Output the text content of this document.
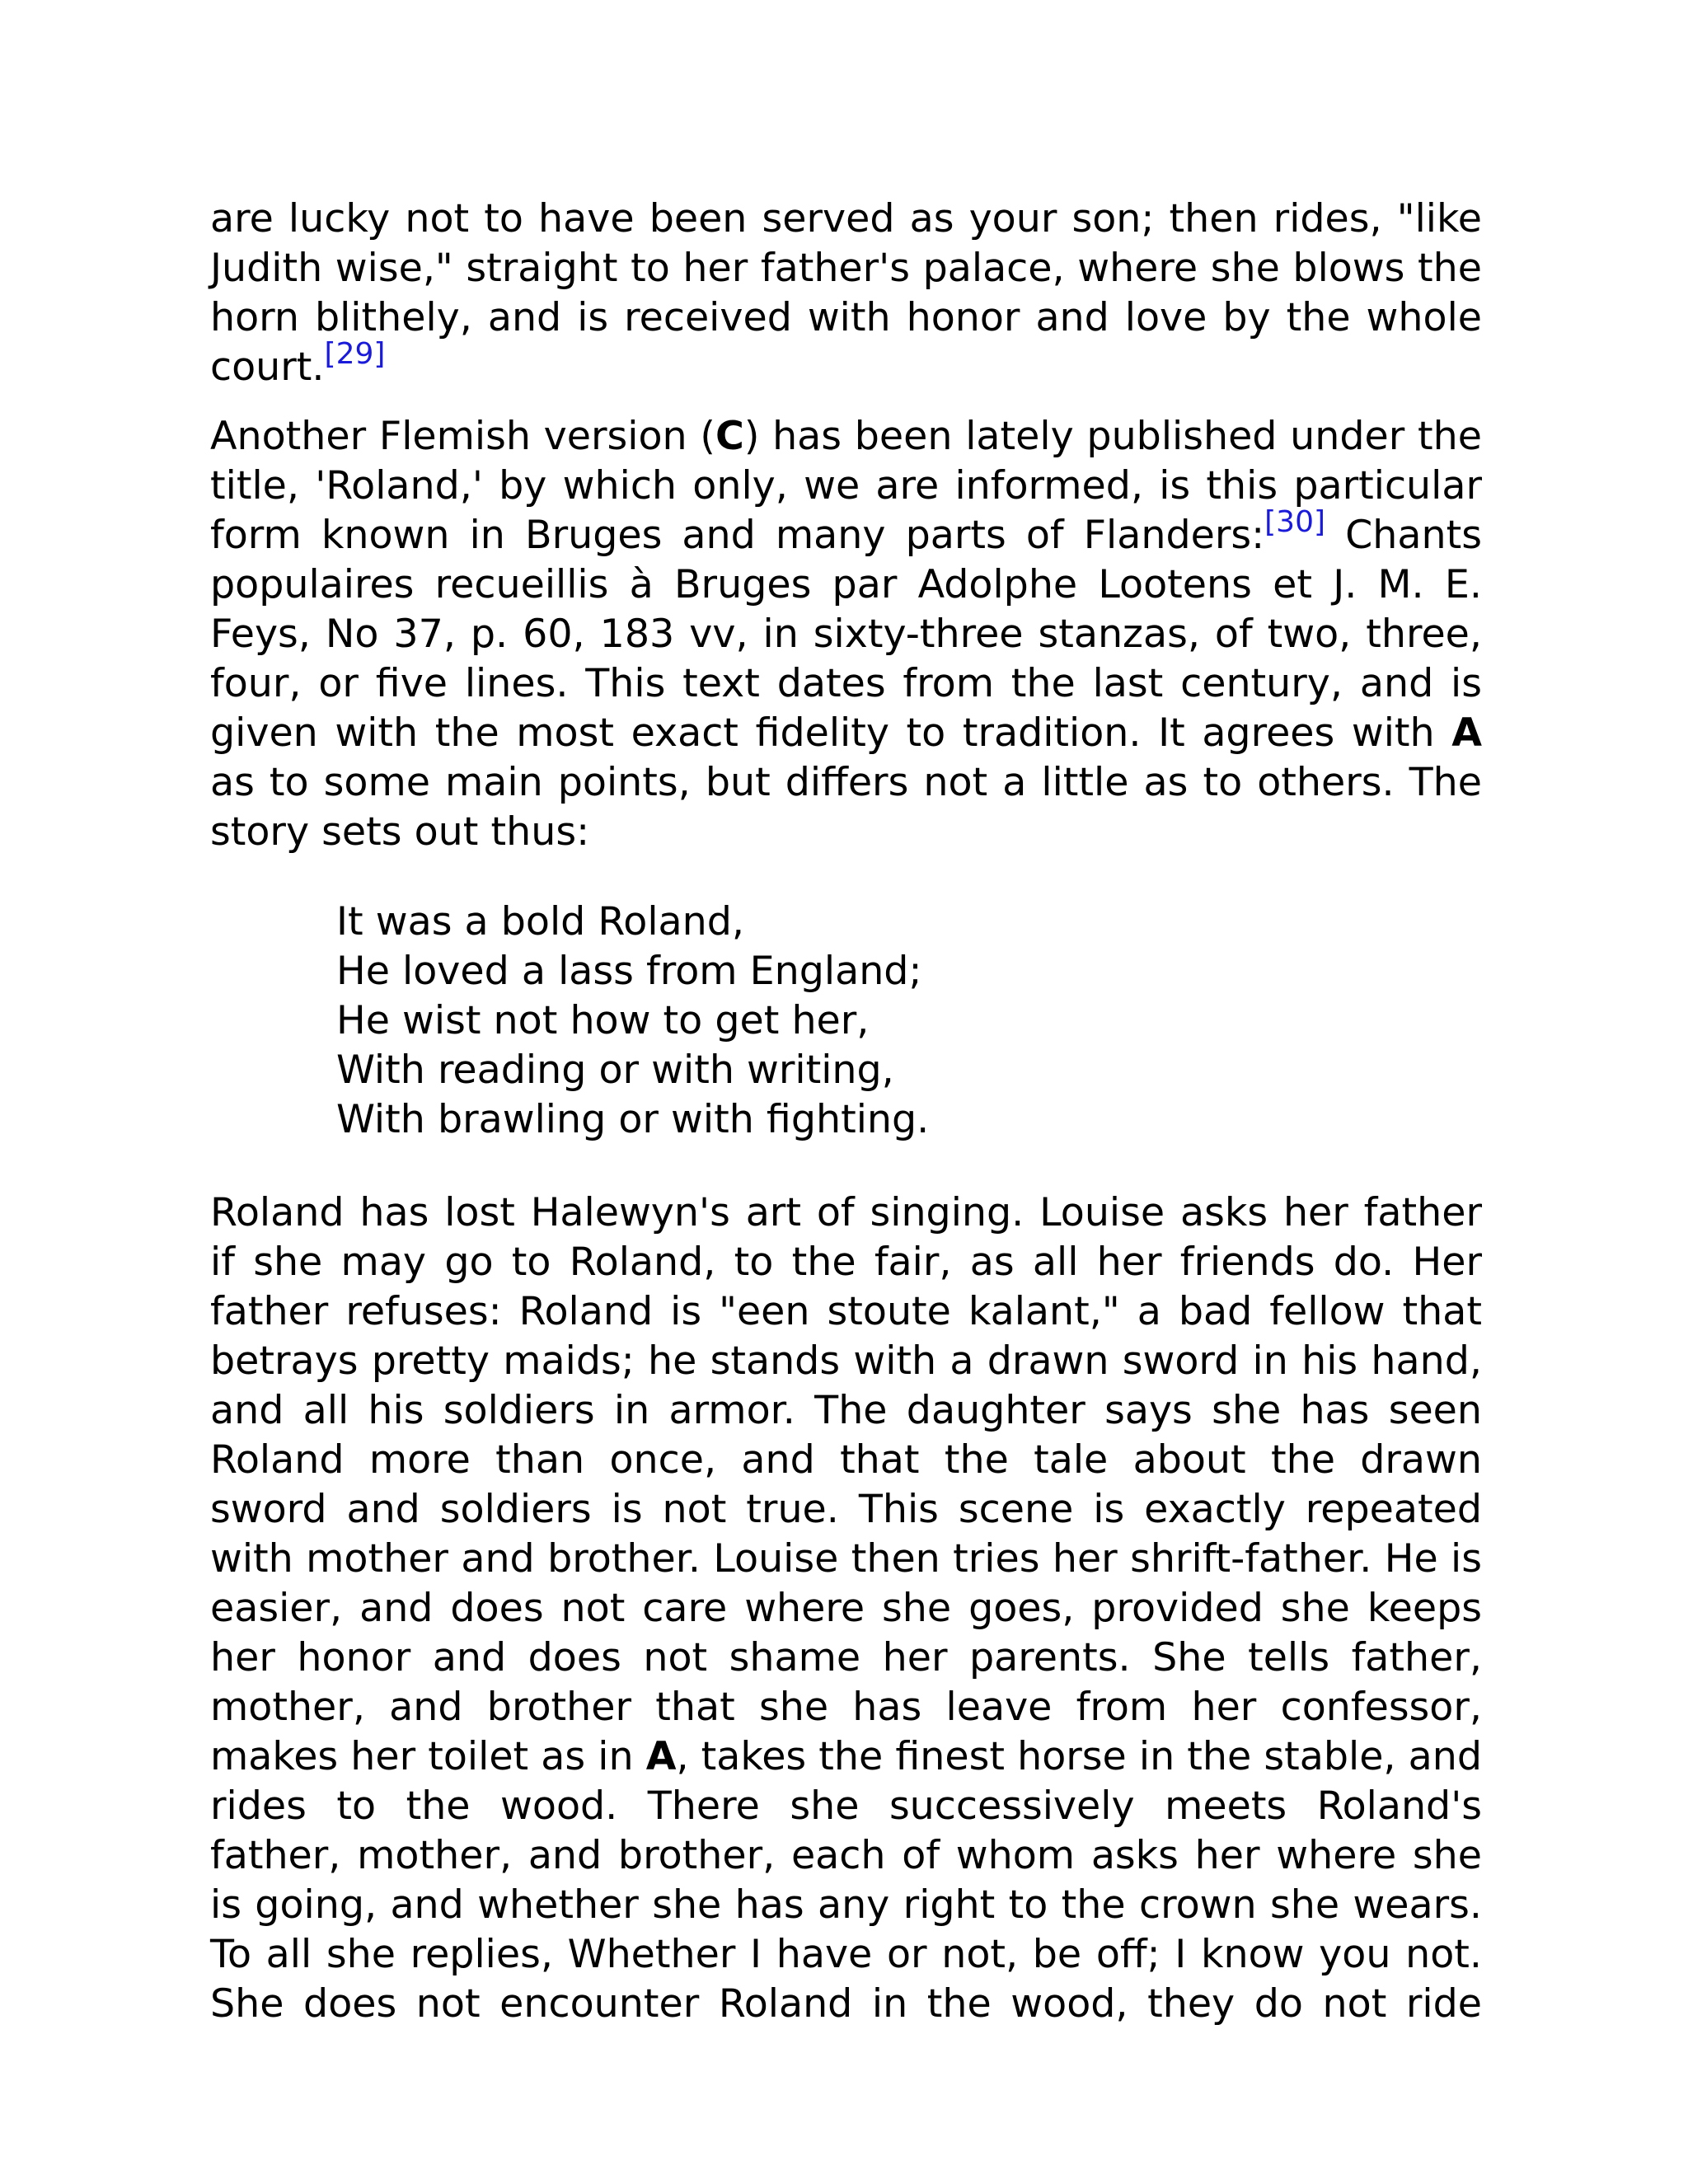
are lucky not to have been served as your son; then rides, "like Judith wise," straight to her father's palace, where she blows the horn blithely, and is received with honor and love by the whole court.[29]

Another Flemish version (C) has been lately published under the title, 'Roland,' by which only, we are informed, is this particular form known in Bruges and many parts of Flanders:[30] Chants populaires recueillis à Bruges par Adolphe Lootens et J. M. E. Feys, No 37, p. 60, 183 vv, in sixty-three stanzas, of two, three, four, or five lines. This text dates from the last century, and is given with the most exact fidelity to tradition. It agrees with A as to some main points, but differs not a little as to others. The story sets out thus:

It was a bold Roland,
He loved a lass from England;
He wist not how to get her,
With reading or with writing,
With brawling or with fighting.

Roland has lost Halewyn's art of singing. Louise asks her father if she may go to Roland, to the fair, as all her friends do. Her father refuses: Roland is "een stoute kalant," a bad fellow that betrays pretty maids; he stands with a drawn sword in his hand, and all his soldiers in armor. The daughter says she has seen Roland more than once, and that the tale about the drawn sword and soldiers is not true. This scene is exactly repeated with mother and brother. Louise then tries her shrift-father. He is easier, and does not care where she goes, provided she keeps her honor and does not shame her parents. She tells father, mother, and brother that she has leave from her confessor, makes her toilet as in A, takes the finest horse in the stable, and rides to the wood. There she successively meets Roland's father, mother, and brother, each of whom asks her where she is going, and whether she has any right to the crown she wears. To all she replies, Whether I have or not, be off; I know you not. She does not encounter Roland in the wood, they do not ride
